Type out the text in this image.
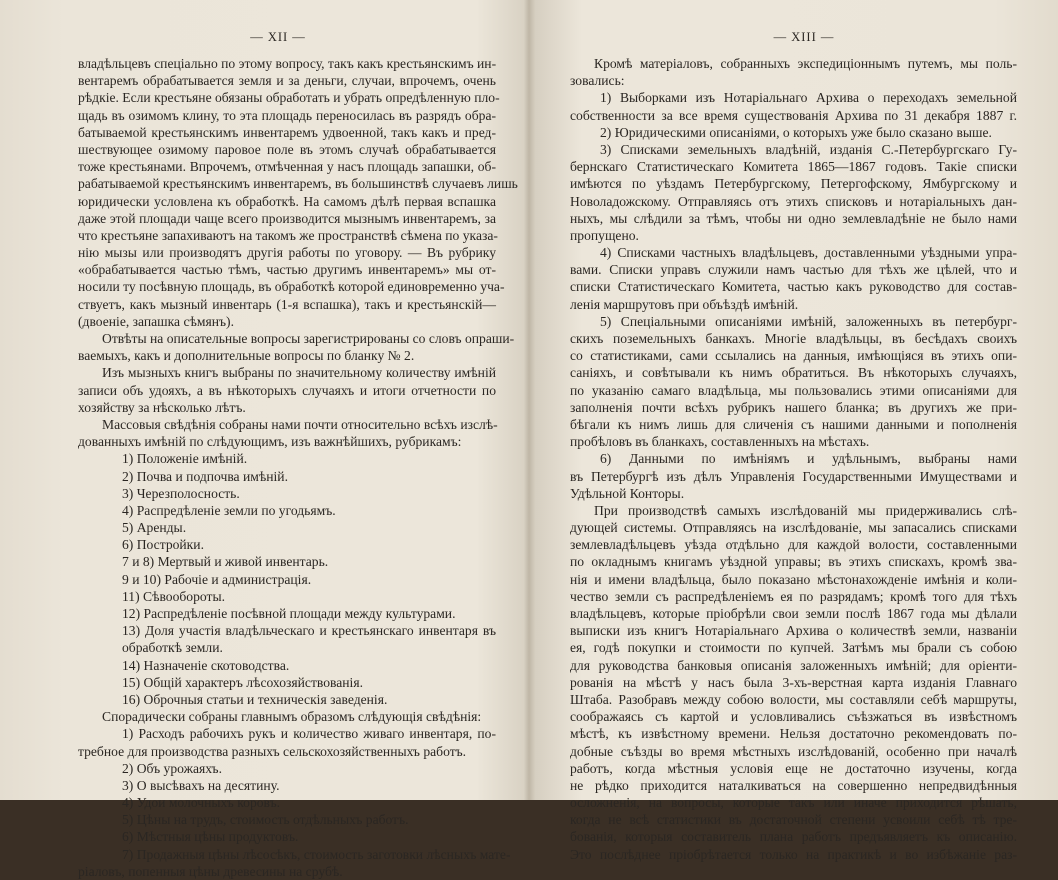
— XII —
владѣльцевъ спеціально по этому вопросу, такъ какъ крестьянскимъ ин-
вентаремъ обрабатывается земля и за деньги, случаи, впрочемъ, очень
рѣдкіе. Если крестьяне обязаны обработать и убрать опредѣленную пло-
щадь въ озимомъ клину, то эта площадь переносилась въ разрядъ обра-
батываемой крестьянскимъ инвентаремъ удвоенной, такъ какъ и пред-
шествующее озимому паровое поле въ этомъ случаѣ обрабатывается
тоже крестьянами. Впрочемъ, отмѣченная у насъ площадь запашки, об-
рабатываемой крестьянскимъ инвентаремъ, въ большинствѣ случаевъ лишь
юридически условлена къ обработкѣ. На самомъ дѣлѣ первая вспашка
даже этой площади чаще всего производится мызнымъ инвентаремъ, за
что крестьяне запахиваютъ на такомъ же пространствѣ сѣмена по указа-
нію мызы или производятъ другія работы по уговору. — Въ рубрику
«обрабатывается частью тѣмъ, частью другимъ инвентаремъ» мы от-
носили ту посѣвную площадь, въ обработкѣ которой единовременно уча-
ствуетъ, какъ мызный инвентарь (1-я вспашка), такъ и крестьянскій—
(двоеніе, запашка сѣмянъ).
Отвѣты на описательные вопросы зарегистрированы со словъ опраши-
ваемыхъ, какъ и дополнительные вопросы по бланку № 2.
Изъ мызныхъ книгъ выбраны по значительному количеству имѣній
записи объ удояхъ, а въ нѣкоторыхъ случаяхъ и итоги отчетности по
хозяйству за нѣсколько лѣтъ.
Массовыя свѣдѣнія собраны нами почти относительно всѣхъ изслѣ-
дованныхъ имѣній по слѣдующимъ, изъ важнѣйшихъ, рубрикамъ:
1) Положеніе имѣній.
2) Почва и подпочва имѣній.
3) Черезполосность.
4) Распредѣленіе земли по угодьямъ.
5) Аренды.
6) Постройки.
7 и 8) Мертвый и живой инвентарь.
9 и 10) Рабочіе и администрація.
11) Сѣвообороты.
12) Распредѣленіе посѣвной площади между культурами.
13) Доля участія владѣльческаго и крестьянскаго инвентаря въ
обработкѣ земли.
14) Назначеніе скотоводства.
15) Общій характеръ лѣсохозяйствованія.
16) Оброчныя статьи и техническія заведенія.
Спорадически собраны главнымъ образомъ слѣдующія свѣдѣнія:
1) Расходъ рабочихъ рукъ и количество живаго инвентаря, по-
требное для производства разныхъ сельскохозяйственныхъ работъ.
2) Объ урожаяхъ.
3) О высѣвахъ на десятину.
4) Удои молочныхъ коровъ.
5) Цѣны на трудъ, стоимость отдѣльныхъ работъ.
6) Мѣстныя цѣны продуктовъ.
7) Продажныя цѣны лѣсосѣкъ, стоимость заготовки лѣсныхъ мате-
ріаловъ, попенныя цѣны древесины на срубѣ.
— XIII —
Кромѣ матеріаловъ, собранныхъ экспедиціоннымъ путемъ, мы поль-
зовались:
1) Выборками изъ Нотаріальнаго Архива о переходахъ земельной
собственности за все время существованія Архива по 31 декабря 1887 г.
2) Юридическими описаніями, о которыхъ уже было сказано выше.
3) Списками земельныхъ владѣній, изданія С.-Петербургскаго Гу-
бернскаго Статистическаго Комитета 1865—1867 годовъ. Такіе списки
имѣются по уѣздамъ Петербургскому, Петергофскому, Ямбургскому и
Новоладожскому. Отправляясь отъ этихъ списковъ и нотаріальныхъ дан-
ныхъ, мы слѣдили за тѣмъ, чтобы ни одно землевладѣніе не было нами
пропущено.
4) Списками частныхъ владѣльцевъ, доставленными уѣздными упра-
вами. Списки управъ служили намъ частью для тѣхъ же цѣлей, что и
списки Статистическаго Комитета, частью какъ руководство для состав-
ленія маршрутовъ при объѣздѣ имѣній.
5) Спеціальными описаніями имѣній, заложенныхъ въ петербург-
скихъ поземельныхъ банкахъ. Многіе владѣльцы, въ бесѣдахъ своихъ
со статистиками, сами ссылались на данныя, имѣющіяся въ этихъ опи-
саніяхъ, и совѣтывали къ нимъ обратиться. Въ нѣкоторыхъ случаяхъ,
по указанію самаго владѣльца, мы пользовались этими описаніями для
заполненія почти всѣхъ рубрикъ нашего бланка; въ другихъ же при-
бѣгали къ нимъ лишь для сличенія съ нашими данными и пополненія
пробѣловъ въ бланкахъ, составленныхъ на мѣстахъ.
6) Данными по имѣніямъ и удѣльнымъ, выбраны нами
въ Петербургѣ изъ дѣлъ Управленія Государственными Имуществами и
Удѣльной Конторы.
При производствѣ самыхъ изслѣдованій мы придерживались слѣ-
дующей системы. Отправляясь на изслѣдованіе, мы запасались списками
землевладѣльцевъ уѣзда отдѣльно для каждой волости, составленными
по окладнымъ книгамъ уѣздной управы; въ этихъ спискахъ, кромѣ зва-
нія и имени владѣльца, было показано мѣстонахожденіе имѣнія и коли-
чество земли съ распредѣленіемъ ея по разрядамъ; кромѣ того для тѣхъ
владѣльцевъ, которые пріобрѣли свои земли послѣ 1867 года мы дѣлали
выписки изъ книгъ Нотаріальнаго Архива о количествѣ земли, названіи
ея, годѣ покупки и стоимости по купчей. Затѣмъ мы брали съ собою
для руководства банковыя описанія заложенныхъ имѣній; для оріенти-
рованія на мѣстѣ у насъ была 3-хъ-верстная карта изданія Главнаго
Штаба. Разобравъ между собою волости, мы составляли себѣ маршруты,
соображаясь съ картой и условливались съѣзжаться въ извѣстномъ
мѣстѣ, къ извѣстному времени. Нельзя достаточно рекомендовать по-
добные съѣзды во время мѣстныхъ изслѣдованій, особенно при началѣ
работъ, когда мѣстныя условія еще не достаточно изучены, когда
не рѣдко приходится наталкиваться на совершенно непредвидѣнныя
осложненія, на вопросы, которые такъ или иначе приходится рѣшать,
когда не всѣ статистики въ достаточной степени усвоили себѣ тѣ тре-
бованія, которыя составитель плана работъ предъявляетъ къ описанію.
Это послѣднее пріобрѣтается только на практикѣ и во избѣжаніе раз-
